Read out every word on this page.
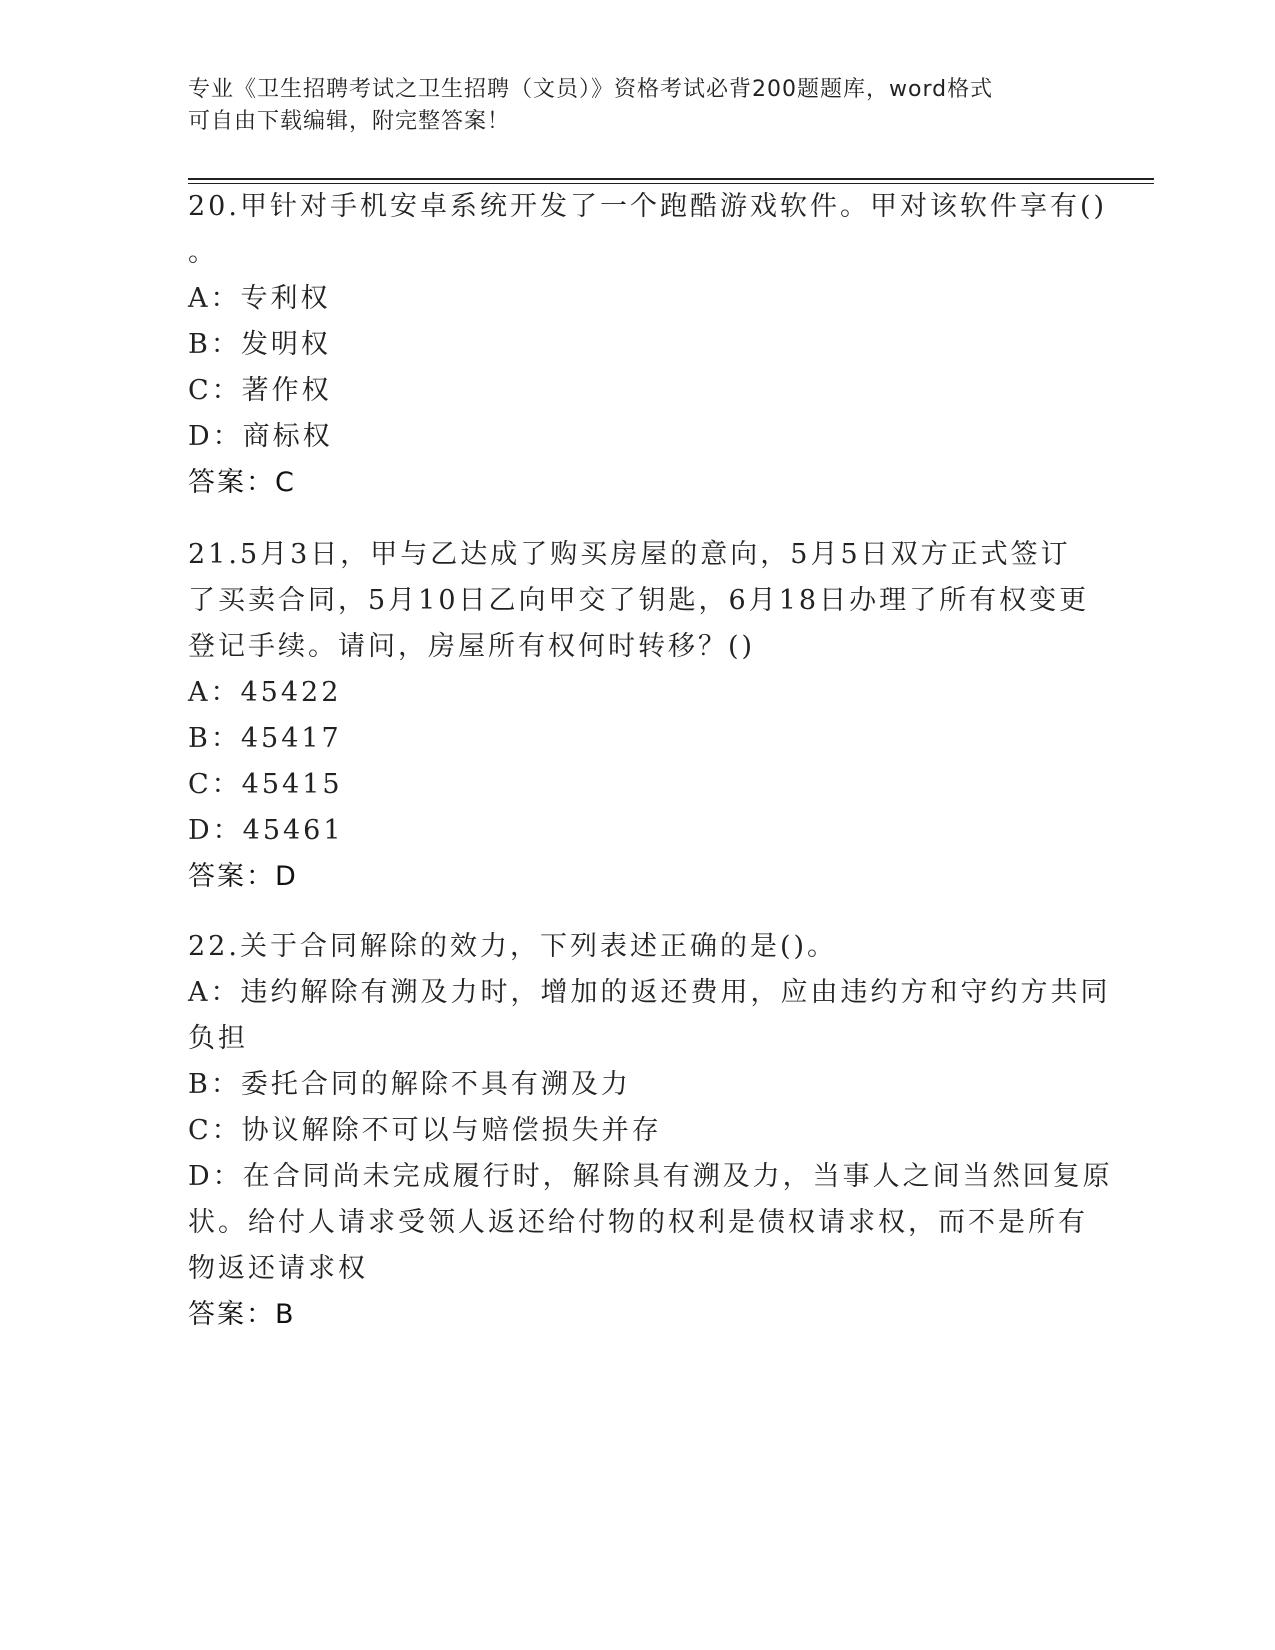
专业《卫生招聘考试之卫生招聘（文员）》资格考试必背200题题库，word格式
可自由下载编辑，附完整答案！
20.甲针对手机安卓系统开发了一个跑酷游戏软件。甲对该软件享有()
。
A：专利权
B：发明权
C：著作权
D：商标权
答案：C
21.5月3日，甲与乙达成了购买房屋的意向，5月5日双方正式签订
了买卖合同，5月10日乙向甲交了钥匙，6月18日办理了所有权变更
登记手续。请问，房屋所有权何时转移？()
A：45422
B：45417
C：45415
D：45461
答案：D
22.关于合同解除的效力，下列表述正确的是()。
A：违约解除有溯及力时，增加的返还费用，应由违约方和守约方共同
负担
B：委托合同的解除不具有溯及力
C：协议解除不可以与赔偿损失并存
D：在合同尚未完成履行时，解除具有溯及力，当事人之间当然回复原
状。给付人请求受领人返还给付物的权利是债权请求权，而不是所有
物返还请求权
答案：B
